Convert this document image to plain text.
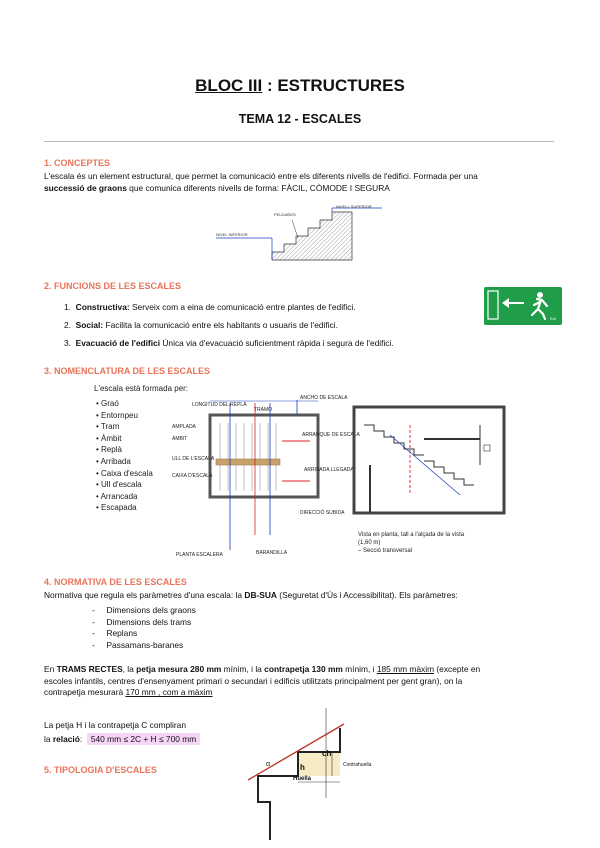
BLOC III : ESTRUCTURES
TEMA 12 - ESCALES
1. CONCEPTES
L'escala és un element estructural, que permet la comunicació entre els diferents nivells de l'edifici. Formada per una
successió de graons que comunica diferents nivells de forma: FÀCIL, CÒMODE I SEGURA
NIVELL SUPERIOR
PELDAÑOS
NIVEL INFERIOR
2. FUNCIONS DE LES ESCALES
1. Constructiva: Serveix com a eina de comunicació entre plantes de l'edifici.
2. Social: Facilita la comunicació entre els habitants o usuaris de l'edifici.
3. Evacuació de l'edifici Única via d'evacuació suficientment ràpida i segura de l'edifici.
Exit
3. NOMENCLATURA DE LES ESCALES
L'escala està formada per:
• Graó
• Entornpeu
• Tram
• Àmbit
• Replà
• Arribada
• Caixa d'escala
• Ull d'escala
• Arrancada
• Escapada
LONGITUD DEL REPLÀ
TRAMO
ANCHO DE ESCALA
AMPLADA
ÀMBIT
ARRANQUE DE ESCALA
ULL DE L'ESCALA
ARRIBADA LLEGADA
CAIXA D'ESCALA
DIRECCIÓ SUBIDA
BARANDILLA
PLANTA ESCALERA
Vista en planta, tall a l'alçada de la vista
(1,60 m)
– Secció transversal
4. NORMATIVA DE LES ESCALES
Normativa que regula els paràmetres d'una escala: la DB-SUA (Seguretat d'Ús i Accessibilitat). Els paràmetres:
-     Dimensions dels graons
-     Dimensions dels trams
-     Replans
-     Passamans-baranes
En TRAMS RECTES, la petja mesura 280 mm mínim, i la contrapetja 130 mm mínim, i 185 mm màxim (excepte en
escoles infantils, centres d'ensenyament primari o secundari i edificis utilitzats principalment per gent gran), on la
contrapetja mesurarà 170 mm , com a màxim
La petja H i la contrapetja C compliran
la relació: 540 mm ≤ 2C + H ≤ 700 mm
α	h
ch
Huella
Contrahuella
5. TIPOLOGIA D'ESCALES
